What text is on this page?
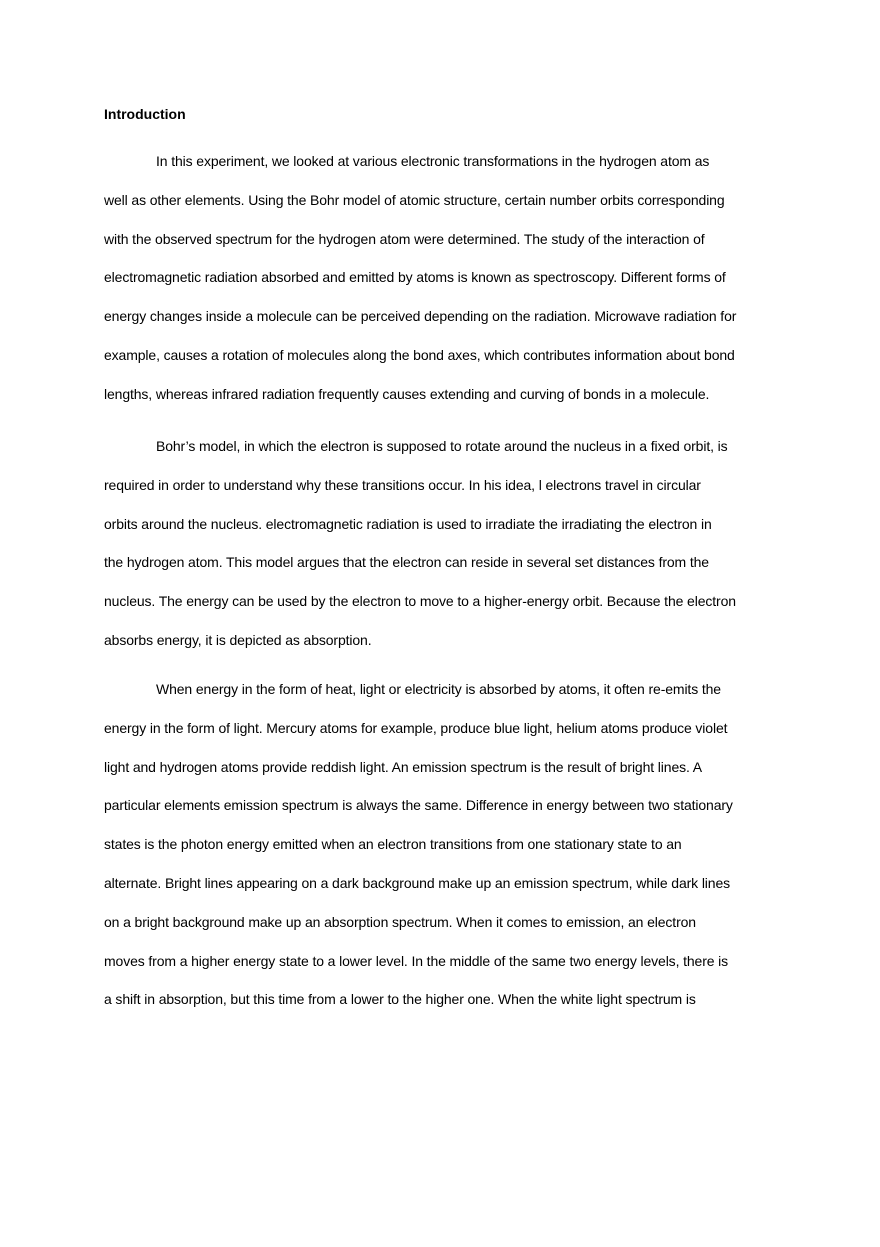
Introduction

In this experiment, we looked at various electronic transformations in the hydrogen atom as
well as other elements. Using the Bohr model of atomic structure, certain number orbits corresponding
with the observed spectrum for the hydrogen atom were determined. The study of the interaction of
electromagnetic radiation absorbed and emitted by atoms is known as spectroscopy. Different forms of
energy changes inside a molecule can be perceived depending on the radiation. Microwave radiation for
example, causes a rotation of molecules along the bond axes, which contributes information about bond
lengths, whereas infrared radiation frequently causes extending and curving of bonds in a molecule.

Bohr’s model, in which the electron is supposed to rotate around the nucleus in a fixed orbit, is
required in order to understand why these transitions occur. In his idea, l electrons travel in circular
orbits around the nucleus. electromagnetic radiation is used to irradiate the irradiating the electron in
the hydrogen atom. This model argues that the electron can reside in several set distances from the
nucleus. The energy can be used by the electron to move to a higher-energy orbit. Because the electron
absorbs energy, it is depicted as absorption.

When energy in the form of heat, light or electricity is absorbed by atoms, it often re-emits the
energy in the form of light. Mercury atoms for example, produce blue light, helium atoms produce violet
light and hydrogen atoms provide reddish light. An emission spectrum is the result of bright lines. A
particular elements emission spectrum is always the same. Difference in energy between two stationary
states is the photon energy emitted when an electron transitions from one stationary state to an
alternate. Bright lines appearing on a dark background make up an emission spectrum, while dark lines
on a bright background make up an absorption spectrum. When it comes to emission, an electron
moves from a higher energy state to a lower level. In the middle of the same two energy levels, there is
a shift in absorption, but this time from a lower to the higher one. When the white light spectrum is
